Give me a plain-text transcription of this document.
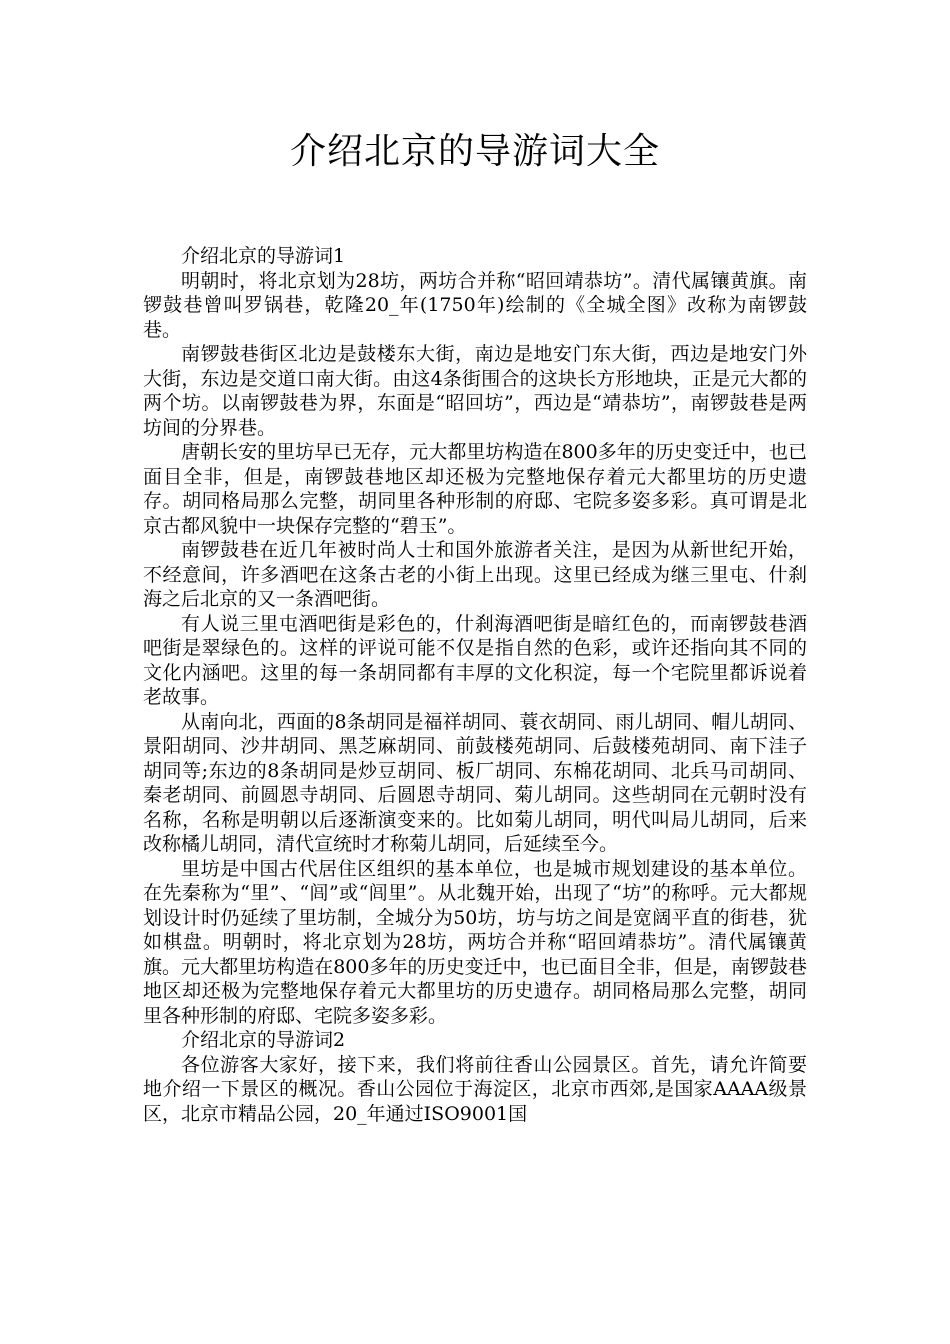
介绍北京的导游词大全

介绍北京的导游词1

明朝时，将北京划为28坊，两坊合并称“昭回靖恭坊”。清代属镶黄旗。南锣鼓巷曾叫罗锅巷，乾隆20_年(1750年)绘制的《全城全图》改称为南锣鼓巷。

南锣鼓巷街区北边是鼓楼东大街，南边是地安门东大街，西边是地安门外大街，东边是交道口南大街。由这4条街围合的这块长方形地块，正是元大都的两个坊。以南锣鼓巷为界，东面是“昭回坊”，西边是“靖恭坊”，南锣鼓巷是两坊间的分界巷。

唐朝长安的里坊早已无存，元大都里坊构造在800多年的历史变迁中，也已面目全非，但是，南锣鼓巷地区却还极为完整地保存着元大都里坊的历史遗存。胡同格局那么完整，胡同里各种形制的府邸、宅院多姿多彩。真可谓是北京古都风貌中一块保存完整的“碧玉”。

南锣鼓巷在近几年被时尚人士和国外旅游者关注，是因为从新世纪开始，不经意间，许多酒吧在这条古老的小街上出现。这里已经成为继三里屯、什刹海之后北京的又一条酒吧街。

有人说三里屯酒吧街是彩色的，什刹海酒吧街是暗红色的，而南锣鼓巷酒吧街是翠绿色的。这样的评说可能不仅是指自然的色彩，或许还指向其不同的文化内涵吧。这里的每一条胡同都有丰厚的文化积淀，每一个宅院里都诉说着老故事。

从南向北，西面的8条胡同是福祥胡同、蓑衣胡同、雨儿胡同、帽儿胡同、景阳胡同、沙井胡同、黑芝麻胡同、前鼓楼苑胡同、后鼓楼苑胡同、南下洼子胡同等;东边的8条胡同是炒豆胡同、板厂胡同、东棉花胡同、北兵马司胡同、秦老胡同、前圆恩寺胡同、后圆恩寺胡同、菊儿胡同。这些胡同在元朝时没有名称，名称是明朝以后逐渐演变来的。比如菊儿胡同，明代叫局儿胡同，后来改称橘儿胡同，清代宣统时才称菊儿胡同，后延续至今。

里坊是中国古代居住区组织的基本单位，也是城市规划建设的基本单位。在先秦称为“里”、“闾”或“闾里”。从北魏开始，出现了“坊”的称呼。元大都规划设计时仍延续了里坊制，全城分为50坊，坊与坊之间是宽阔平直的街巷，犹如棋盘。明朝时，将北京划为28坊，两坊合并称“昭回靖恭坊”。清代属镶黄旗。元大都里坊构造在800多年的历史变迁中，也已面目全非，但是，南锣鼓巷地区却还极为完整地保存着元大都里坊的历史遗存。胡同格局那么完整，胡同里各种形制的府邸、宅院多姿多彩。

介绍北京的导游词2

各位游客大家好，接下来，我们将前往香山公园景区。首先，请允许简要地介绍一下景区的概况。香山公园位于海淀区，北京市西郊,是国家AAAA级景区，北京市精品公园，20_年通过ISO9001国
